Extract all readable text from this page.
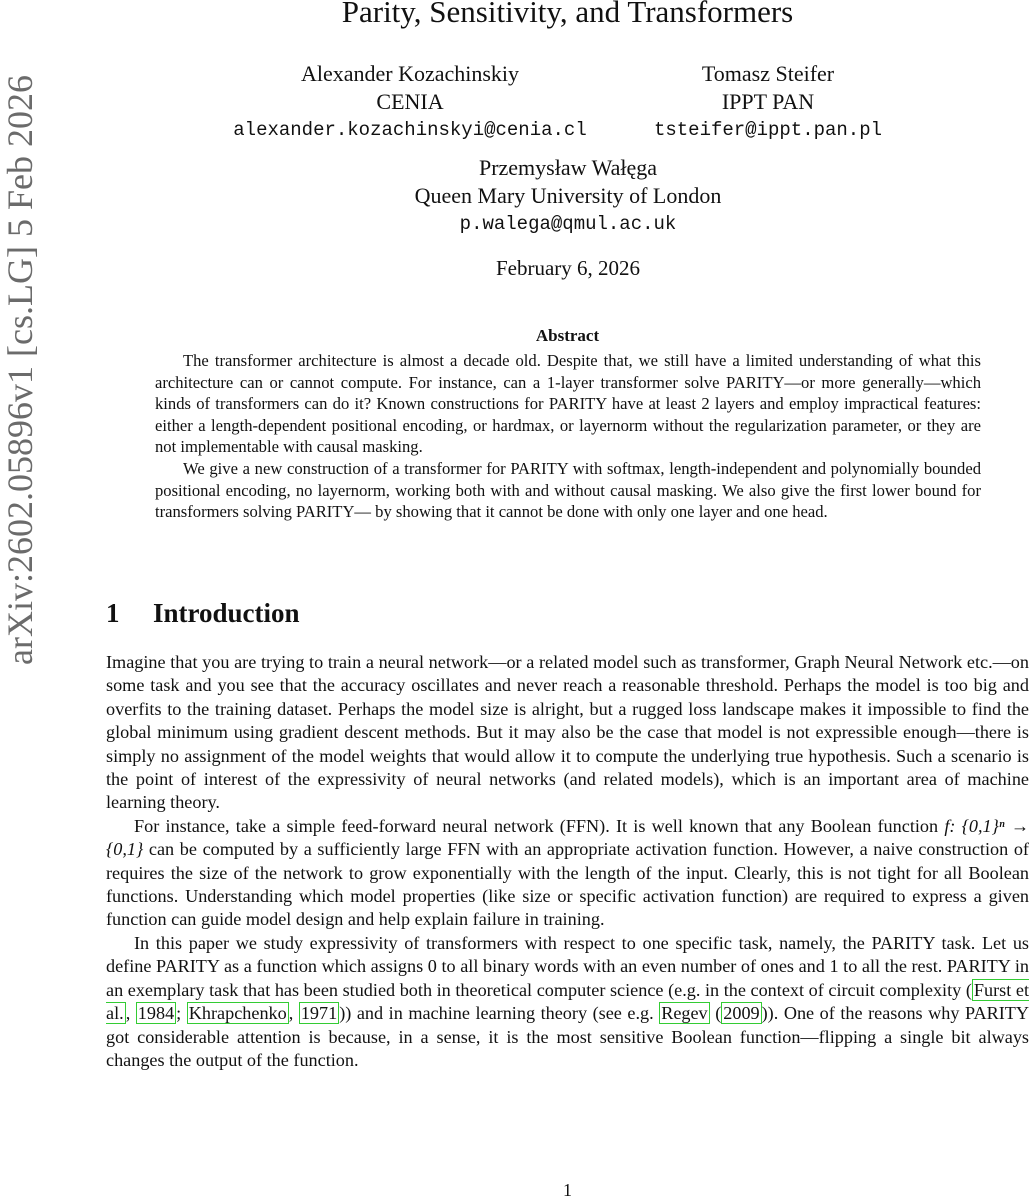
arXiv:2602.05896v1 [cs.LG] 5 Feb 2026
Parity, Sensitivity, and Transformers
Alexander Kozachinskiy
CENIA
alexander.kozachinskyi@cenia.cl
Tomasz Steifer
IPPT PAN
tsteifer@ippt.pan.pl
Przemysław Wałęga
Queen Mary University of London
p.walega@qmul.ac.uk
February 6, 2026
Abstract

The transformer architecture is almost a decade old. Despite that, we still have a limited understanding of what this architecture can or cannot compute. For instance, can a 1-layer transformer solve PARITY—or more generally—which kinds of transformers can do it? Known constructions for PARITY have at least 2 layers and employ impractical features: either a length-dependent positional encoding, or hardmax, or layernorm without the regularization parameter, or they are not implementable with causal masking.

We give a new construction of a transformer for PARITY with softmax, length-independent and polynomially bounded positional encoding, no layernorm, working both with and without causal masking. We also give the first lower bound for transformers solving PARITY— by showing that it cannot be done with only one layer and one head.

1 Introduction

Imagine that you are trying to train a neural network—or a related model such as transformer, Graph Neural Network etc.—on some task and you see that the accuracy oscillates and never reach a reasonable threshold. Perhaps the model is too big and overfits to the training dataset. Perhaps the model size is alright, but a rugged loss landscape makes it impossible to find the global minimum using gradient descent methods. But it may also be the case that model is not expressible enough—there is simply no assignment of the model weights that would allow it to compute the underlying true hypothesis. Such a scenario is the point of interest of the expressivity of neural networks (and related models), which is an important area of machine learning theory.

For instance, take a simple feed-forward neural network (FFN). It is well known that any Boolean function f: {0,1}ⁿ → {0,1} can be computed by a sufficiently large FFN with an appropriate activation function. However, a naive construction of requires the size of the network to grow exponentially with the length of the input. Clearly, this is not tight for all Boolean functions. Understanding which model properties (like size or specific activation function) are required to express a given function can guide model design and help explain failure in training.

In this paper we study expressivity of transformers with respect to one specific task, namely, the PARITY task. Let us define PARITY as a function which assigns 0 to all binary words with an even number of ones and 1 to all the rest. PARITY in an exemplary task that has been studied both in theoretical computer science (e.g. in the context of circuit complexity ( Furst et al. , 1984 ; Khrapchenko , 1971 )) and in machine learning theory (see e.g. Regev ( 2009 )). One of the reasons why PARITY got considerable attention is because, in a sense, it is the most sensitive Boolean function—flipping a single bit always changes the output of the function.

1
